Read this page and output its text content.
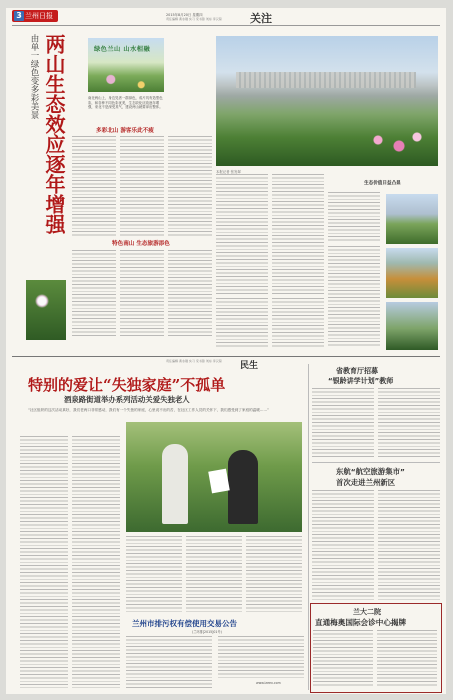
3 兰州日报	2015年8月20日 星期四
责任编辑 黄永刚 实习 宋书锋 刘东 李汉菊	关注
两山生态效应逐年增强
由单一绿色变多彩美景	绿色兰山 山水相融
南北两山上，身边见者一群绿色，成片具有造型色彩，和各种不同色彩优美，生态收化应改逐年增强，来北不是深受其气，建设两山就要拿出整体。
多彩北山 游客乐此不疲
特色南山 生态旅游添色
本报记者 张发翠
生态价值日益凸显
责任编辑 黄永刚 实习 宋书锋 刘东 李汉菊 民生
特别的爱让“失独家庭”不孤单
酒泉路街道举办系列活动关爱失独老人
“社区组织的这次活动真好，我们老两口非常感动，我们有一个失独的家庭，心里说不出的苦，在社区工作人员的关怀下，我们感受到了家庭的温暖……”
兰州市排污权有偿使用交易公告
(兰环排[2015]01号)
www.lzeex.com
省教育厅招募
“银龄讲学计划”教师
东航“航空旅游集市”
首次走进兰州新区
兰大二院
直通梅奥国际会诊中心揭牌
